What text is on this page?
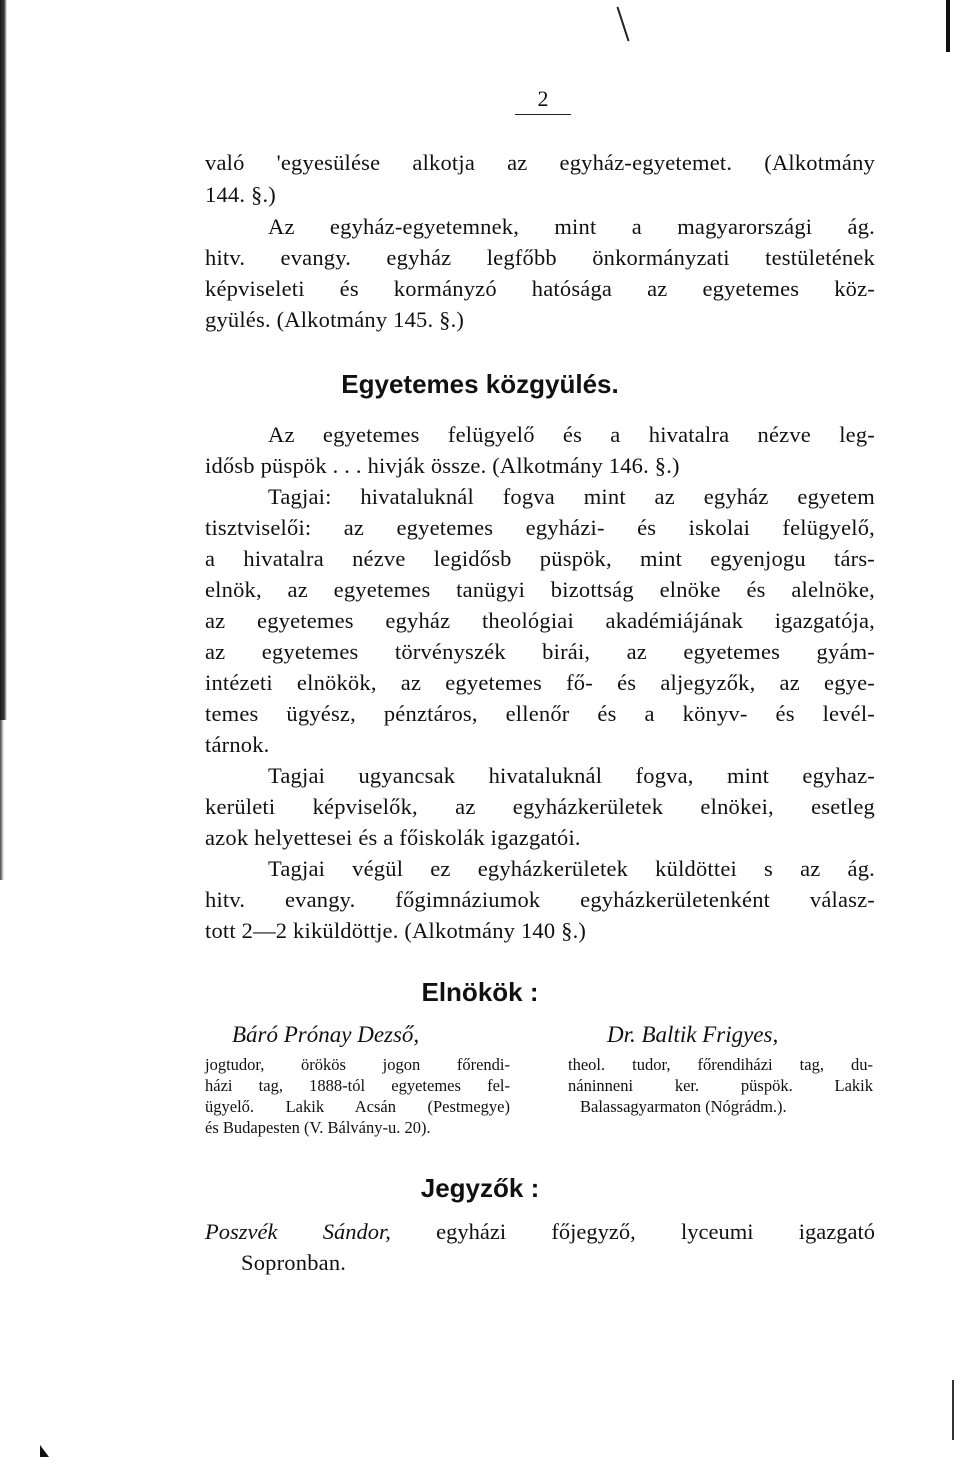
2
való 'egyesülése alkotja az egyház-egyetemet. (Alkotmány
144. §.)
Az egyház-egyetemnek, mint a magyarországi ág.
hitv. evangy. egyház legfőbb önkormányzati testületének
képviseleti és kormányzó hatósága az egyetemes köz-
gyülés. (Alkotmány 145. §.)
Egyetemes közgyülés.
Az egyetemes felügyelő és a hivatalra nézve leg-
idősb püspök . . . hivják össze. (Alkotmány 146. §.)
Tagjai: hivataluknál fogva mint az egyház egyetem
tisztviselői: az egyetemes egyházi- és iskolai felügyelő,
a hivatalra nézve legidősb püspök, mint egyenjogu társ-
elnök, az egyetemes tanügyi bizottság elnöke és alelnöke,
az egyetemes egyház theológiai akadémiájának igazgatója,
az egyetemes törvényszék birái, az egyetemes gyám-
intézeti elnökök, az egyetemes fő- és aljegyzők, az egye-
temes ügyész, pénztáros, ellenőr és a könyv- és levél-
tárnok.
Tagjai ugyancsak hivataluknál fogva, mint egyhaz-
kerületi képviselők, az egyházkerületek elnökei, esetleg
azok helyettesei és a főiskolák igazgatói.
Tagjai végül ez egyházkerületek küldöttei s az ág.
hitv. evangy. főgimnáziumok egyházkerületenként válasz-
tott 2—2 kiküldöttje. (Alkotmány 140 §.)
Elnökök :
Báró Prónay Dezső,
jogtudor, örökös jogon főrendi-
házi tag, 1888-tól egyetemes fel-
ügyelő. Lakik Acsán (Pestmegye)
és Budapesten (V. Bálvány-u. 20).
Dr. Baltik Frigyes,
theol. tudor, főrendiházi tag, du-
náninneni ker. püspök. Lakik
Balassagyarmaton (Nógrádm.).
Jegyzők :
Poszvék Sándor, egyházi főjegyző, lyceumi igazgató
Sopronban.
